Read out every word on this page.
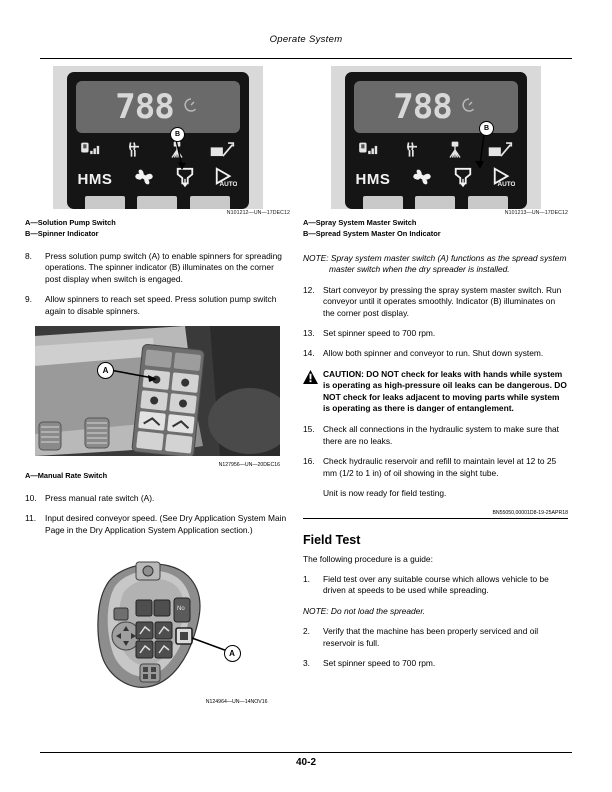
Operate System
788
HMS	AUTO
B
N101212—UN—17DEC12
A—Solution Pump Switch
B—Spinner Indicator
8.	Press solution pump switch (A) to enable spinners for spreading operations. The spinner indicator (B) illuminates on the corner post display when switch is engaged.
9.	Allow spinners to reach set speed. Press solution pump switch again to disable spinners.
A
N127956—UN—20DEC16
A—Manual Rate Switch
10. Press manual rate switch (A).
11.	Input desired conveyor speed. (See Dry Application System Main Page in the Dry Application System Application section.)
No
A
N124964—UN—14NOV16
788
HMS	AUTO
B
N101213—UN—17DEC12
A—Spray System Master Switch
B—Spread System Master On Indicator
NOTE: Spray system master switch (A) functions as the spread system master switch when the dry spreader is installed.
12. Start conveyor by pressing the spray system master switch. Run conveyor until it operates smoothly. Indicator (B) illuminates on the corner post display.
13. Set spinner speed to 700 rpm.
14. Allow both spinner and conveyor to run. Shut down system.
CAUTION: DO NOT check for leaks with hands while system is operating as high-pressure oil leaks can be dangerous. DO NOT check for leaks adjacent to moving parts while system is operating as there is danger of entanglement.
15. Check all connections in the hydraulic system to make sure that there are no leaks.
16. Check hydraulic reservoir and refill to maintain level at 12 to 25 mm (1/2 to 1 in) of oil showing in the sight tube.
Unit is now ready for field testing.
BN55050,00001D8-19-25APR18
Field Test
The following procedure is a guide:
1.	Field test over any suitable course which allows vehicle to be driven at speeds to be used while spreading.
NOTE: Do not load the spreader.
2.	Verify that the machine has been properly serviced and oil reservoir is full.
3.	Set spinner speed to 700 rpm.
40-2
